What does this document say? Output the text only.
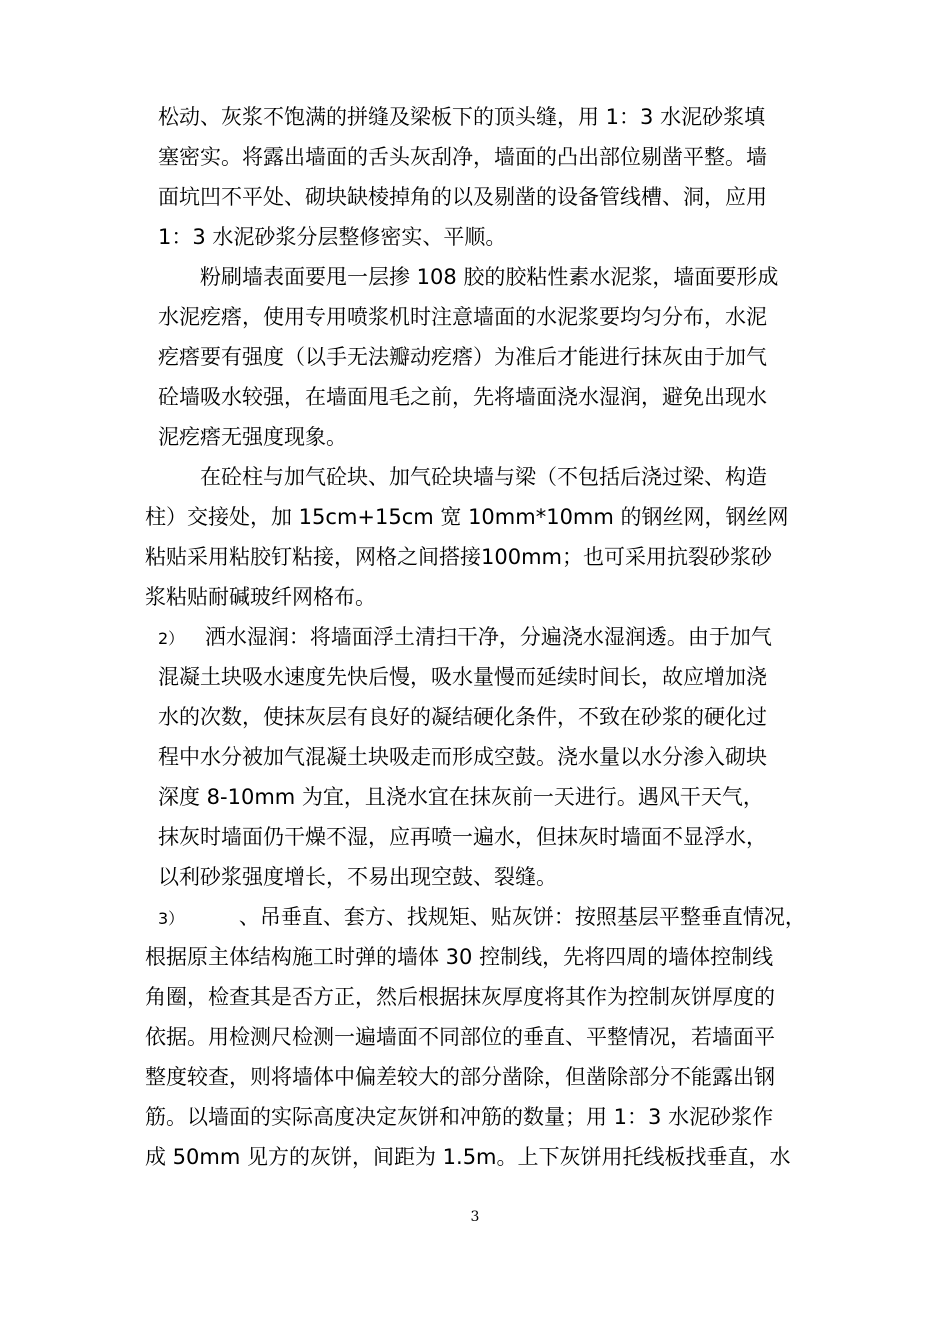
松动、灰浆不饱满的拼缝及梁板下的顶头缝，用 1：3 水泥砂浆填
塞密实。将露出墙面的舌头灰刮净，墙面的凸出部位剔凿平整。墙
面坑凹不平处、砌块缺棱掉角的以及剔凿的设备管线槽、洞，应用
1：3 水泥砂浆分层整修密实、平顺。
粉刷墙表面要甩一层掺 108 胶的胶粘性素水泥浆，墙面要形成
水泥疙瘩，使用专用喷浆机时注意墙面的水泥浆要均匀分布，水泥
疙瘩要有强度（以手无法瓣动疙瘩）为准后才能进行抹灰由于加气
砼墙吸水较强，在墙面甩毛之前，先将墙面浇水湿润，避免出现水
泥疙瘩无强度现象。
在砼柱与加气砼块、加气砼块墙与梁（不包括后浇过梁、构造
柱）交接处，加 15cm+15cm 宽 10mm*10mm 的钢丝网，钢丝网
粘贴采用粘胶钉粘接，网格之间搭接100mm；也可采用抗裂砂浆砂
浆粘贴耐碱玻纤网格布。
2） 洒水湿润：将墙面浮土清扫干净，分遍浇水湿润透。由于加气
混凝土块吸水速度先快后慢，吸水量慢而延续时间长，故应增加浇
水的次数，使抹灰层有良好的凝结硬化条件，不致在砂浆的硬化过
程中水分被加气混凝土块吸走而形成空鼓。浇水量以水分渗入砌块
深度 8-10mm 为宜，且浇水宜在抹灰前一天进行。遇风干天气，
抹灰时墙面仍干燥不湿，应再喷一遍水，但抹灰时墙面不显浮水，
以利砂浆强度增长，不易出现空鼓、裂缝。
3）	、吊垂直、套方、找规矩、贴灰饼：按照基层平整垂直情况，
根据原主体结构施工时弹的墙体 30 控制线，先将四周的墙体控制线
角圈，检查其是否方正，然后根据抹灰厚度将其作为控制灰饼厚度的
依据。用检测尺检测一遍墙面不同部位的垂直、平整情况，若墙面平
整度较查，则将墙体中偏差较大的部分凿除，但凿除部分不能露出钢
筋。以墙面的实际高度决定灰饼和冲筋的数量；用 1：3 水泥砂浆作
成 50mm 见方的灰饼，间距为 1.5m。上下灰饼用托线板找垂直，水
3
